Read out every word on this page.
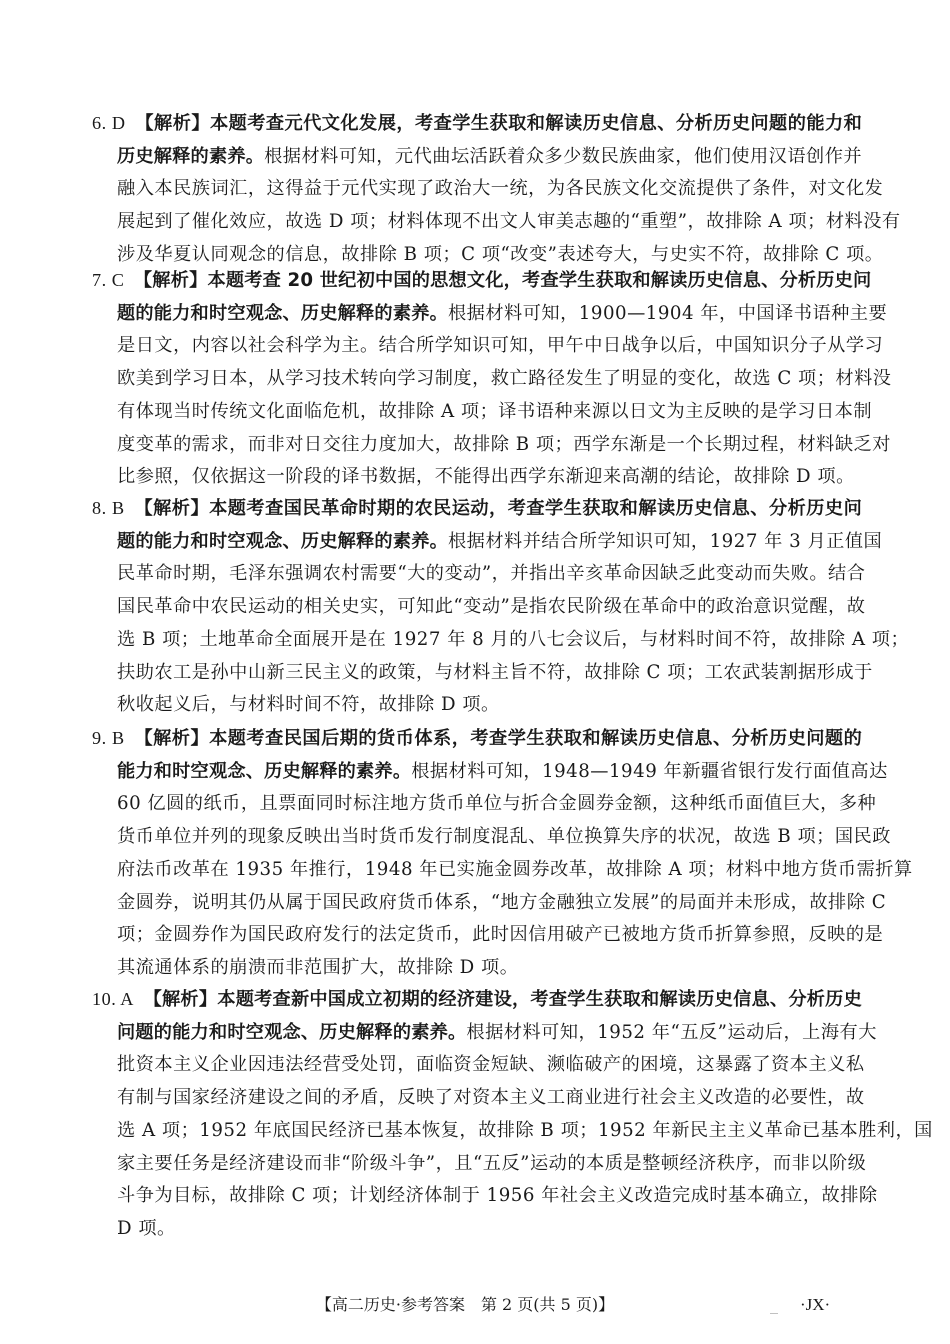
6. D  【解析】本题考查元代文化发展，考查学生获取和解读历史信息、分析历史问题的能力和
历史解释的素养。根据材料可知，元代曲坛活跃着众多少数民族曲家，他们使用汉语创作并
融入本民族词汇，这得益于元代实现了政治大一统，为各民族文化交流提供了条件，对文化发
展起到了催化效应，故选 D 项；材料体现不出文人审美志趣的“重塑”，故排除 A 项；材料没有
涉及华夏认同观念的信息，故排除 B 项；C 项“改变”表述夸大，与史实不符，故排除 C 项。
7. C  【解析】本题考查 20 世纪初中国的思想文化，考查学生获取和解读历史信息、分析历史问
题的能力和时空观念、历史解释的素养。根据材料可知，1900—1904 年，中国译书语种主要
是日文，内容以社会科学为主。结合所学知识可知，甲午中日战争以后，中国知识分子从学习
欧美到学习日本，从学习技术转向学习制度，救亡路径发生了明显的变化，故选 C 项；材料没
有体现当时传统文化面临危机，故排除 A 项；译书语种来源以日文为主反映的是学习日本制
度变革的需求，而非对日交往力度加大，故排除 B 项；西学东渐是一个长期过程，材料缺乏对
比参照，仅依据这一阶段的译书数据，不能得出西学东渐迎来高潮的结论，故排除 D 项。
8. B  【解析】本题考查国民革命时期的农民运动，考查学生获取和解读历史信息、分析历史问
题的能力和时空观念、历史解释的素养。根据材料并结合所学知识可知，1927 年 3 月正值国
民革命时期，毛泽东强调农村需要“大的变动”，并指出辛亥革命因缺乏此变动而失败。结合
国民革命中农民运动的相关史实，可知此“变动”是指农民阶级在革命中的政治意识觉醒，故
选 B 项；土地革命全面展开是在 1927 年 8 月的八七会议后，与材料时间不符，故排除 A 项；
扶助农工是孙中山新三民主义的政策，与材料主旨不符，故排除 C 项；工农武装割据形成于
秋收起义后，与材料时间不符，故排除 D 项。
9. B  【解析】本题考查民国后期的货币体系，考查学生获取和解读历史信息、分析历史问题的
能力和时空观念、历史解释的素养。根据材料可知，1948—1949 年新疆省银行发行面值高达
60 亿圆的纸币，且票面同时标注地方货币单位与折合金圆券金额，这种纸币面值巨大，多种
货币单位并列的现象反映出当时货币发行制度混乱、单位换算失序的状况，故选 B 项；国民政
府法币改革在 1935 年推行，1948 年已实施金圆券改革，故排除 A 项；材料中地方货币需折算
金圆券，说明其仍从属于国民政府货币体系，“地方金融独立发展”的局面并未形成，故排除 C
项；金圆券作为国民政府发行的法定货币，此时因信用破产已被地方货币折算参照，反映的是
其流通体系的崩溃而非范围扩大，故排除 D 项。
10. A  【解析】本题考查新中国成立初期的经济建设，考查学生获取和解读历史信息、分析历史
问题的能力和时空观念、历史解释的素养。根据材料可知，1952 年“五反”运动后，上海有大
批资本主义企业因违法经营受处罚，面临资金短缺、濒临破产的困境，这暴露了资本主义私
有制与国家经济建设之间的矛盾，反映了对资本主义工商业进行社会主义改造的必要性，故
选 A 项；1952 年底国民经济已基本恢复，故排除 B 项；1952 年新民主主义革命已基本胜利，国
家主要任务是经济建设而非“阶级斗争”，且“五反”运动的本质是整顿经济秩序，而非以阶级
斗争为目标，故排除 C 项；计划经济体制于 1956 年社会主义改造完成时基本确立，故排除
D 项。
【高二历史·参考答案　第 2 页(共 5 页)】	_ ·JX·
